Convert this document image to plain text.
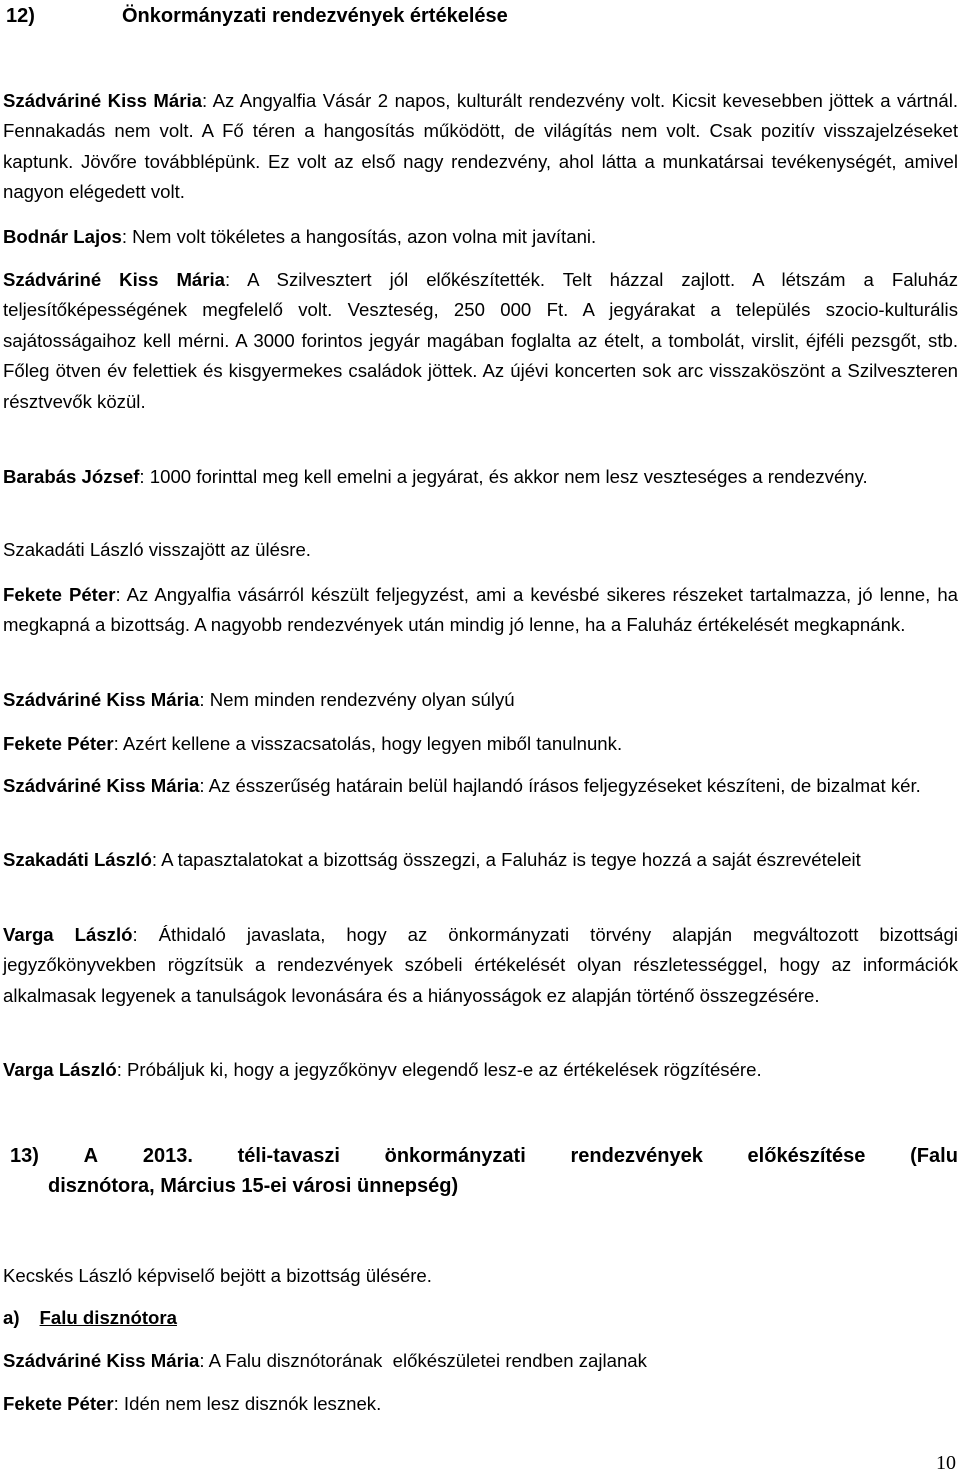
12)	Önkormányzati rendezvények értékelése

Szádváriné Kiss Mária: Az Angyalfia Vásár 2 napos, kulturált rendezvény volt. Kicsit kevesebben jöttek a vártnál. Fennakadás nem volt. A Fő téren a hangosítás működött, de világítás nem volt. Csak pozitív visszajelzéseket kaptunk. Jövőre továbblépünk. Ez volt az első nagy rendezvény, ahol látta a munkatársai tevékenységét, amivel nagyon elégedett volt.

Bodnár Lajos: Nem volt tökéletes a hangosítás, azon volna mit javítani.

Szádváriné Kiss Mária: A Szilvesztert jól előkészítették. Telt házzal zajlott. A létszám a Faluház teljesítőképességének megfelelő volt. Veszteség, 250 000 Ft. A jegyárakat a település szocio-kulturális sajátosságaihoz kell mérni. A 3000 forintos jegyár magában foglalta az ételt, a tombolát, virslit, éjféli pezsgőt, stb. Főleg ötven év felettiek és kisgyermekes családok jöttek. Az újévi koncerten sok arc visszaköszönt a Szilveszteren résztvevők közül.

Barabás József: 1000 forinttal meg kell emelni a jegyárat, és akkor nem lesz veszteséges a rendezvény.

Szakadáti László visszajött az ülésre.

Fekete Péter: Az Angyalfia vásárról készült feljegyzést, ami a kevésbé sikeres részeket tartalmazza, jó lenne, ha megkapná a bizottság. A nagyobb rendezvények után mindig jó lenne, ha a Faluház értékelését megkapnánk.

Szádváriné Kiss Mária: Nem minden rendezvény olyan súlyú

Fekete Péter: Azért kellene a visszacsatolás, hogy legyen miből tanulnunk.

Szádváriné Kiss Mária: Az ésszerűség határain belül hajlandó írásos feljegyzéseket készíteni, de bizalmat kér.

Szakadáti László: A tapasztalatokat a bizottság összegzi, a Faluház is tegye hozzá a saját észrevételeit

Varga László: Áthidaló javaslata, hogy az önkormányzati törvény alapján megváltozott bizottsági jegyzőkönyvekben rögzítsük a rendezvények szóbeli értékelését olyan részletességgel, hogy az információk alkalmasak legyenek a tanulságok levonására és a hiányosságok ez alapján történő összegzésére.

Varga László: Próbáljuk ki, hogy a jegyzőkönyv elegendő lesz-e az értékelések rögzítésére.

13) A 2013. téli-tavaszi önkormányzati rendezvények előkészítése (Falu
disznótora, Március 15-ei városi ünnepség)

Kecskés László képviselő bejött a bizottság ülésére.

a) Falu disznótora

Szádváriné Kiss Mária: A Falu disznótorának  előkészületei rendben zajlanak

Fekete Péter: Idén nem lesz disznók lesznek.

10
